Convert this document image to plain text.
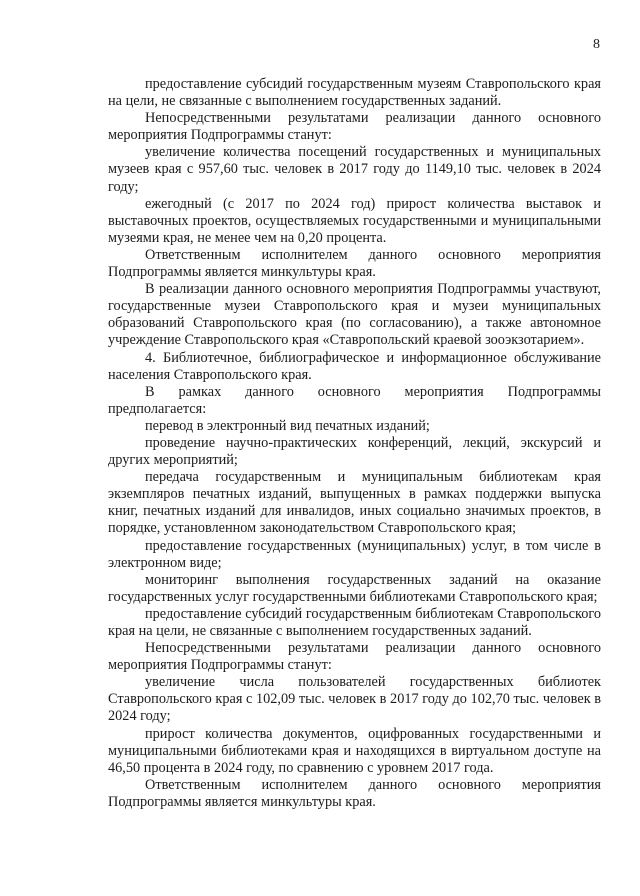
8

предоставление субсидий государственным музеям Ставропольского края на цели, не связанные с выполнением государственных заданий.

Непосредственными результатами реализации данного основного мероприятия Подпрограммы станут:

увеличение количества посещений государственных и муниципальных музеев края с 957,60 тыс. человек в 2017 году до 1149,10 тыс. человек в 2024 году;

ежегодный (с 2017 по 2024 год) прирост количества выставок и выставочных проектов, осуществляемых государственными и муниципальными музеями края, не менее чем на 0,20 процента.

Ответственным исполнителем данного основного мероприятия Подпрограммы является минкультуры края.

В реализации данного основного мероприятия Подпрограммы участвуют, государственные музеи Ставропольского края и музеи муниципальных образований Ставропольского края (по согласованию), а также автономное учреждение Ставропольского края «Ставропольский краевой зооэкзотарием».

4. Библиотечное, библиографическое и информационное обслуживание населения Ставропольского края.

В рамках данного основного мероприятия Подпрограммы предполагается:

перевод в электронный вид печатных изданий;

проведение научно-практических конференций, лекций, экскурсий и других мероприятий;

передача государственным и муниципальным библиотекам края экземпляров печатных изданий, выпущенных в рамках поддержки выпуска книг, печатных изданий для инвалидов, иных социально значимых проектов, в порядке, установленном законодательством Ставропольского края;

предоставление государственных (муниципальных) услуг, в том числе в электронном виде;

мониторинг выполнения государственных заданий на оказание государственных услуг государственными библиотеками Ставропольского края;

предоставление субсидий государственным библиотекам Ставропольского края на цели, не связанные с выполнением государственных заданий.

Непосредственными результатами реализации данного основного мероприятия Подпрограммы станут:

увеличение числа пользователей государственных библиотек Ставропольского края с 102,09 тыс. человек в 2017 году до 102,70 тыс. человек в 2024 году;

прирост количества документов, оцифрованных государственными и муниципальными библиотеками края и находящихся в виртуальном доступе на 46,50 процента в 2024 году, по сравнению с уровнем 2017 года.

Ответственным исполнителем данного основного мероприятия Подпрограммы является минкультуры края.
